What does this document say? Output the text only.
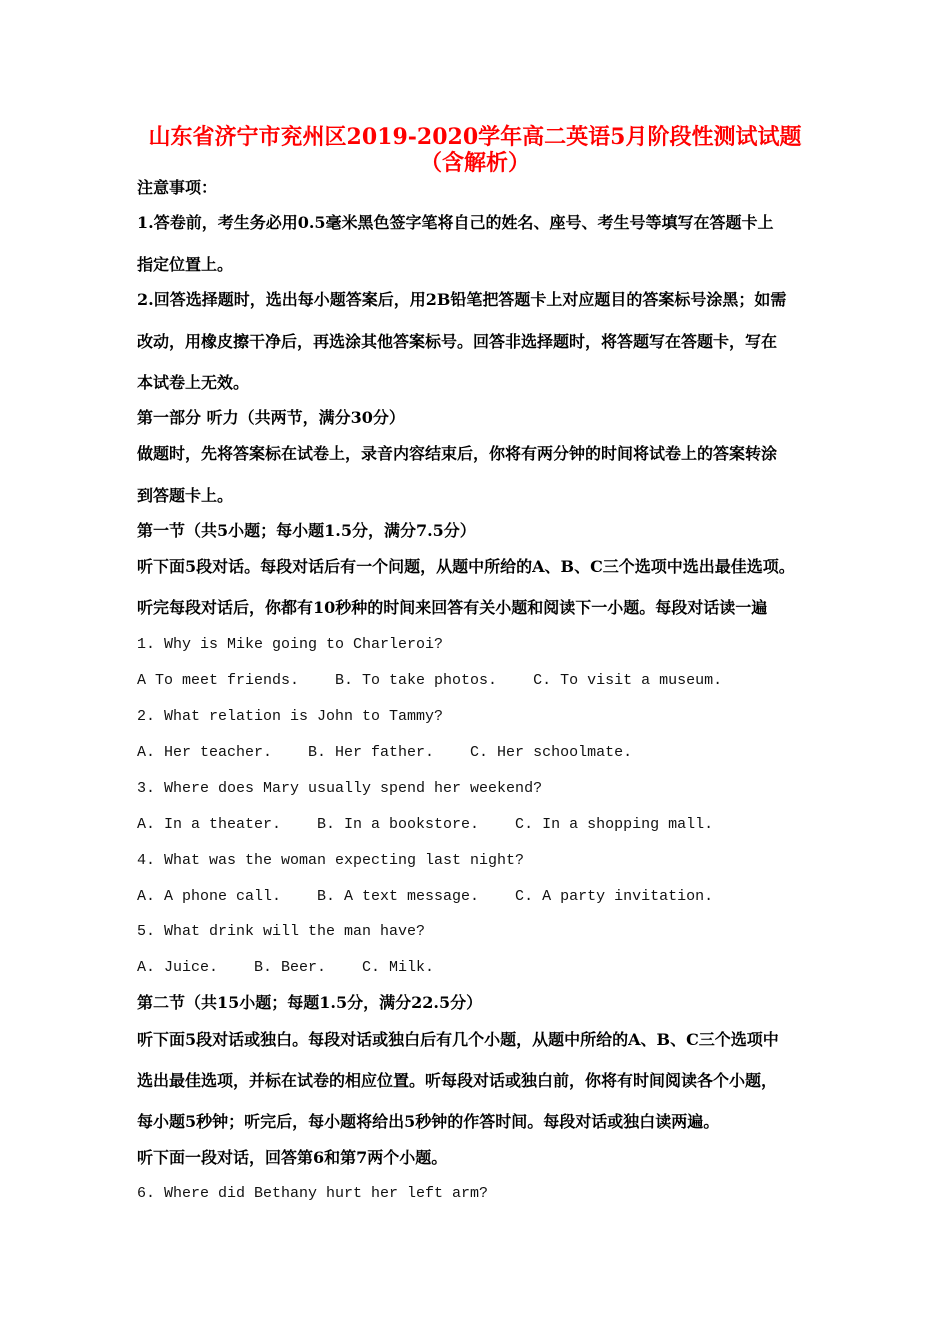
山东省济宁市兖州区2019-2020学年高二英语5月阶段性测试试题
（含解析）
注意事项：
1.答卷前，考生务必用0.5毫米黑色签字笔将自己的姓名、座号、考生号等填写在答题卡上
指定位置上。
2.回答选择题时，选出每小题答案后，用2B铅笔把答题卡上对应题目的答案标号涂黑；如需
改动，用橡皮擦干净后，再选涂其他答案标号。回答非选择题时，将答题写在答题卡，写在
本试卷上无效。
第一部分 听力（共两节，满分30分）
做题时，先将答案标在试卷上，录音内容结束后，你将有两分钟的时间将试卷上的答案转涂
到答题卡上。
第一节（共5小题；每小题1.5分，满分7.5分）
听下面5段对话。每段对话后有一个问题，从题中所给的A、B、C三个选项中选出最佳选项。
听完每段对话后，你都有10秒种的时间来回答有关小题和阅读下一小题。每段对话读一遍
1. Why is Mike going to Charleroi?
A To meet friends.    B. To take photos.    C. To visit a museum.
2. What relation is John to Tammy?
A. Her teacher.    B. Her father.    C. Her schoolmate.
3. Where does Mary usually spend her weekend?
A. In a theater.    B. In a bookstore.    C. In a shopping mall.
4. What was the woman expecting last night?
A. A phone call.    B. A text message.    C. A party invitation.
5. What drink will the man have?
A. Juice.    B. Beer.    C. Milk.
第二节（共15小题；每题1.5分，满分22.5分）
听下面5段对话或独白。每段对话或独白后有几个小题，从题中所给的A、B、C三个选项中
选出最佳选项，并标在试卷的相应位置。听每段对话或独白前，你将有时间阅读各个小题，
每小题5秒钟；听完后，每小题将给出5秒钟的作答时间。每段对话或独白读两遍。
听下面一段对话，回答第6和第7两个小题。
6. Where did Bethany hurt her left arm?
